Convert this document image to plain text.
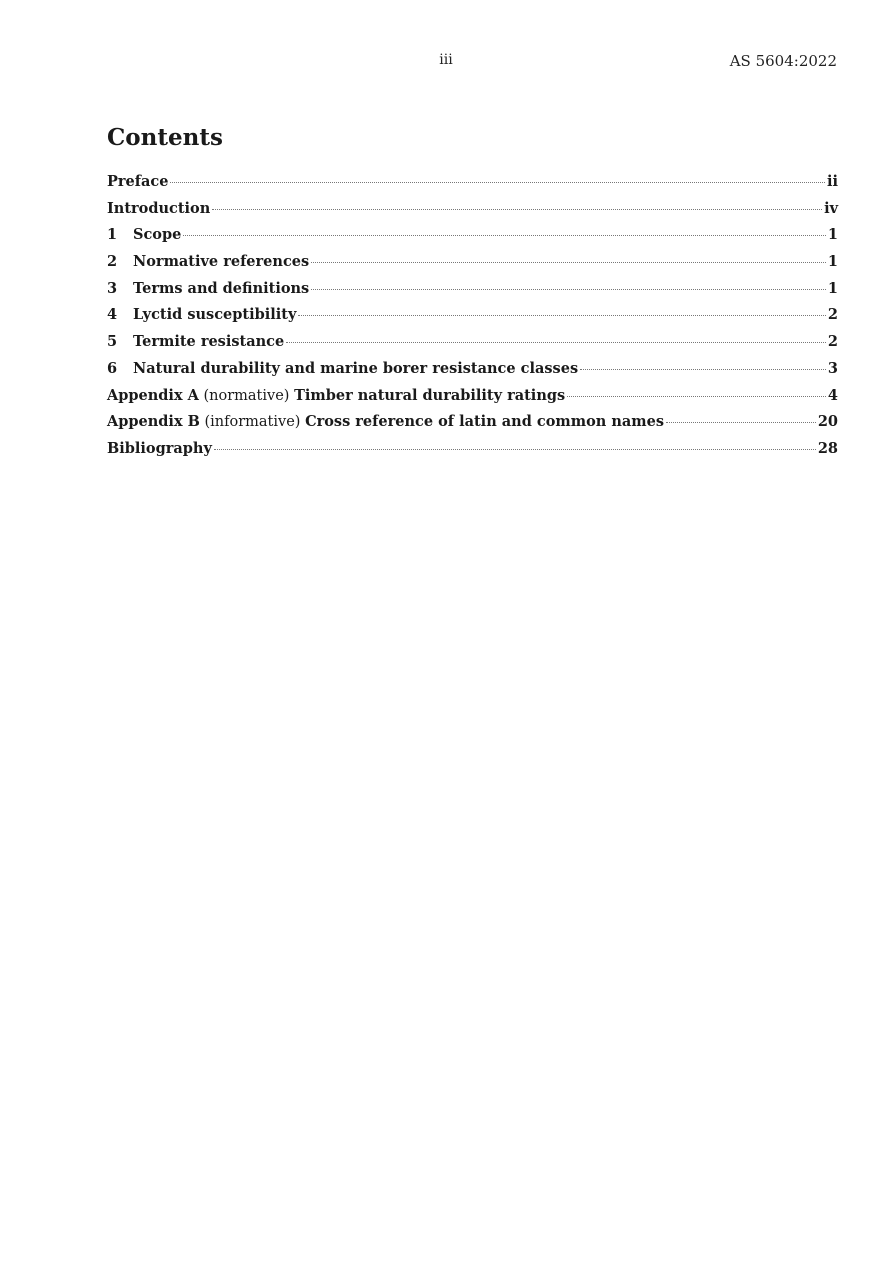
iii	AS 5604:2022
Contents
Preface	ii
Introduction	iv
1 Scope	1
2 Normative references	1
3 Terms and definitions	1
4 Lyctid susceptibility	2
5 Termite resistance	2
6 Natural durability and marine borer resistance classes	3
Appendix A (normative) Timber natural durability ratings	4
Appendix B (informative) Cross reference of latin and common names	20
Bibliography	28
